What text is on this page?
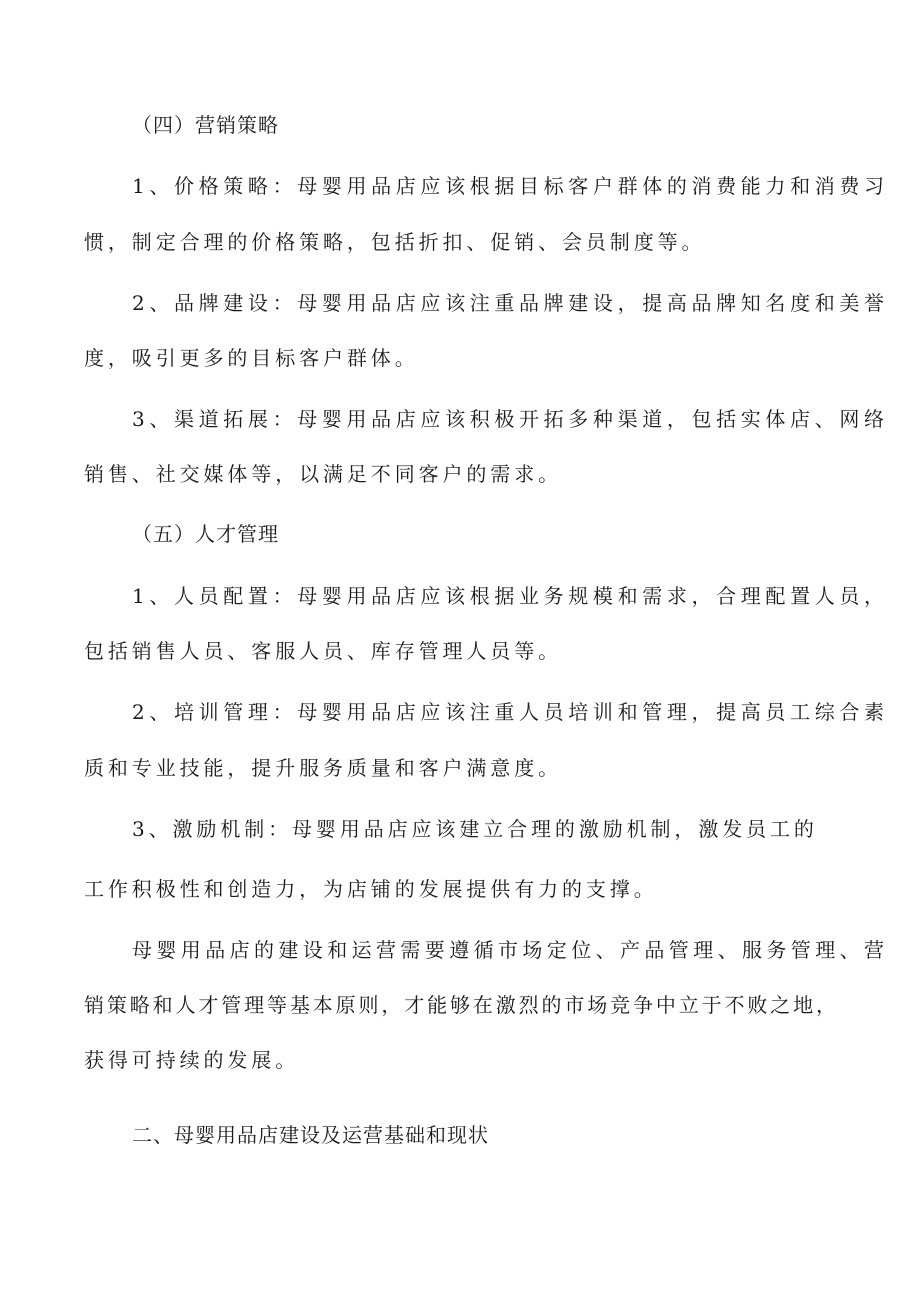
（四）营销策略
1、价格策略：母婴用品店应该根据目标客户群体的消费能力和消费习
惯，制定合理的价格策略，包括折扣、促销、会员制度等。
2、品牌建设：母婴用品店应该注重品牌建设，提高品牌知名度和美誉
度，吸引更多的目标客户群体。
3、渠道拓展：母婴用品店应该积极开拓多种渠道，包括实体店、网络
销售、社交媒体等，以满足不同客户的需求。
（五）人才管理
1、人员配置：母婴用品店应该根据业务规模和需求，合理配置人员，
包括销售人员、客服人员、库存管理人员等。
2、培训管理：母婴用品店应该注重人员培训和管理，提高员工综合素
质和专业技能，提升服务质量和客户满意度。
3、激励机制：母婴用品店应该建立合理的激励机制，激发员工的
工作积极性和创造力，为店铺的发展提供有力的支撑。
母婴用品店的建设和运营需要遵循市场定位、产品管理、服务管理、营
销策略和人才管理等基本原则，才能够在激烈的市场竞争中立于不败之地，
获得可持续的发展。
二、母婴用品店建设及运营基础和现状
